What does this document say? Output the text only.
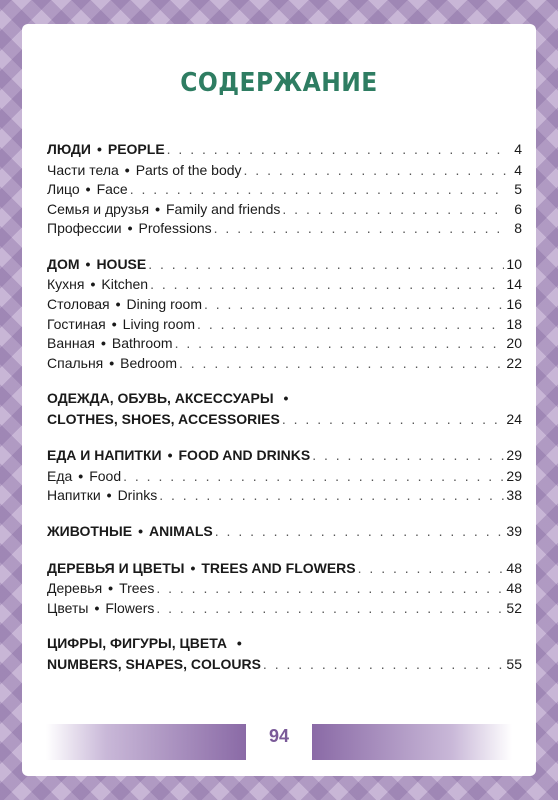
СОДЕРЖАНИЕ
ЛЮДИ • PEOPLE . . .	4
Части тела • Parts of the body . . .	4
Лицо • Face . . .	5
Семья и друзья • Family and friends . . .	6
Профессии • Professions . . .	8
ДОМ • HOUSE . . .	10
Кухня • Kitchen . . .	14
Столовая • Dining room . . .	16
Гостиная • Living room . . .	18
Ванная • Bathroom . . .	20
Спальня • Bedroom . . .	22
ОДЕЖДА, ОБУВЬ, АКСЕССУАРЫ •
CLOTHES, SHOES, ACCESSORIES . . .	24
ЕДА И НАПИТКИ • FOOD AND DRINKS . . .	29
Еда • Food . . .	29
Напитки • Drinks . . .	38
ЖИВОТНЫЕ • ANIMALS . . .	39
ДЕРЕВЬЯ И ЦВЕТЫ • TREES AND FLOWERS . . .	48
Деревья • Trees . . .	48
Цветы • Flowers . . .	52
ЦИФРЫ, ФИГУРЫ, ЦВЕТА •
NUMBERS, SHAPES, COLOURS . . .	55
94
